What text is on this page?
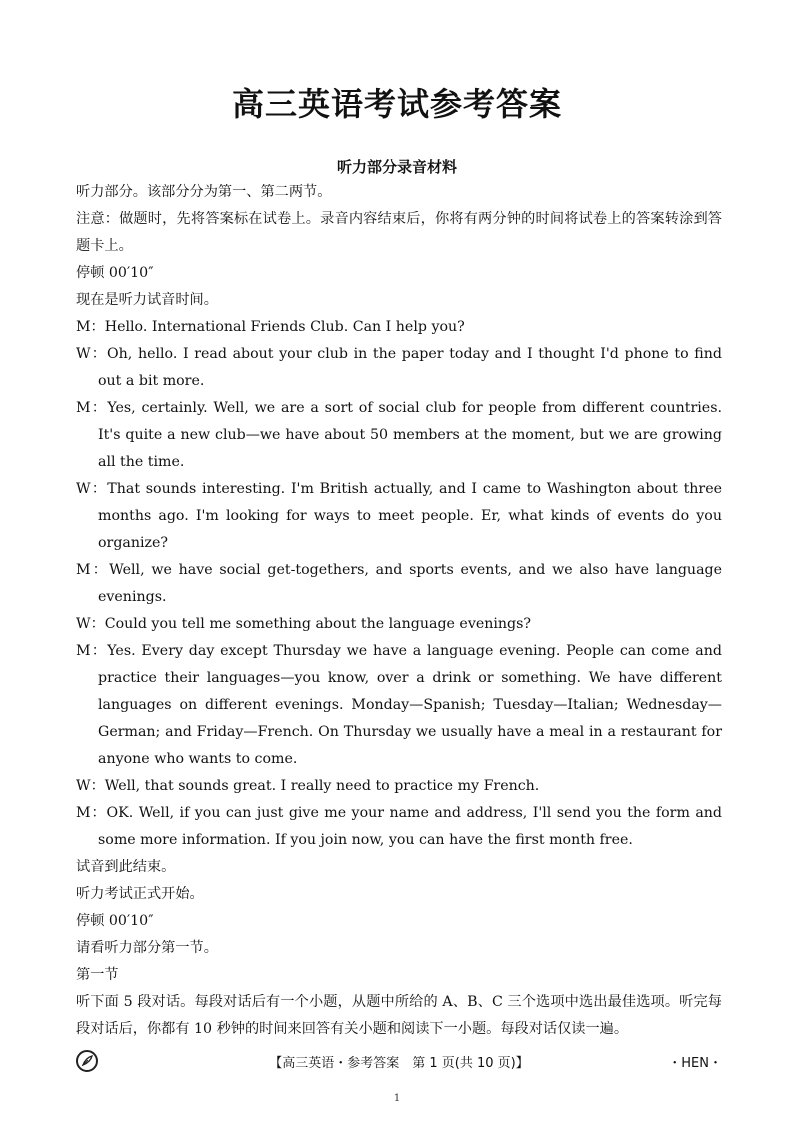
高三英语考试参考答案
听力部分录音材料

听力部分。该部分分为第一、第二两节。

注意：做题时，先将答案标在试卷上。录音内容结束后，你将有两分钟的时间将试卷上的答案转涂到答题卡上。

停顿 00′10″

现在是听力试音时间。

M：Hello. International Friends Club. Can I help you?

W：Oh, hello. I read about your club in the paper today and I thought I'd phone to find out a bit more.

M：Yes, certainly. Well, we are a sort of social club for people from different countries. It's quite a new club—we have about 50 members at the moment, but we are growing all the time.

W：That sounds interesting. I'm British actually, and I came to Washington about three months ago. I'm looking for ways to meet people. Er, what kinds of events do you organize?

M：Well, we have social get-togethers, and sports events, and we also have language evenings.

W：Could you tell me something about the language evenings?

M：Yes. Every day except Thursday we have a language evening. People can come and practice their languages—you know, over a drink or something. We have different languages on different evenings. Monday—Spanish; Tuesday—Italian; Wednesday—German; and Friday—French. On Thursday we usually have a meal in a restaurant for anyone who wants to come.

W：Well, that sounds great. I really need to practice my French.

M：OK. Well, if you can just give me your name and address, I'll send you the form and some more information. If you join now, you can have the first month free.

试音到此结束。

听力考试正式开始。

停顿 00′10″

请看听力部分第一节。

第一节

听下面 5 段对话。每段对话后有一个小题，从题中所给的 A、B、C 三个选项中选出最佳选项。听完每段对话后，你都有 10 秒钟的时间来回答有关小题和阅读下一小题。每段对话仅读一遍。

【高三英语・参考答案　第 1 页(共 10 页)】	・HEN・
1
